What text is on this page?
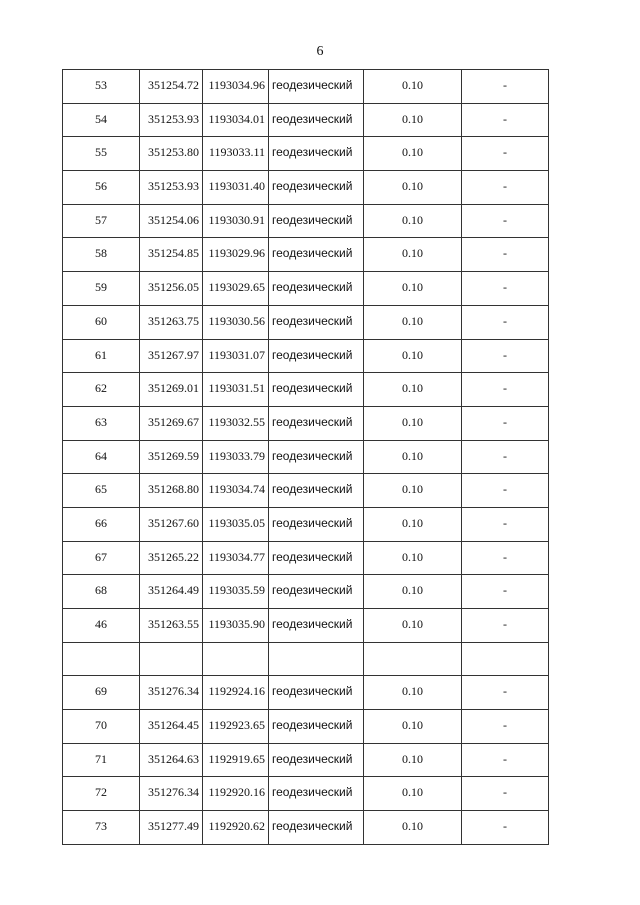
6
53	351254.72	1193034.96	геодезический	0.10	-
54	351253.93	1193034.01	геодезический	0.10	-
55	351253.80	1193033.11	геодезический	0.10	-
56	351253.93	1193031.40	геодезический	0.10	-
57	351254.06	1193030.91	геодезический	0.10	-
58	351254.85	1193029.96	геодезический	0.10	-
59	351256.05	1193029.65	геодезический	0.10	-
60	351263.75	1193030.56	геодезический	0.10	-
61	351267.97	1193031.07	геодезический	0.10	-
62	351269.01	1193031.51	геодезический	0.10	-
63	351269.67	1193032.55	геодезический	0.10	-
64	351269.59	1193033.79	геодезический	0.10	-
65	351268.80	1193034.74	геодезический	0.10	-
66	351267.60	1193035.05	геодезический	0.10	-
67	351265.22	1193034.77	геодезический	0.10	-
68	351264.49	1193035.59	геодезический	0.10	-
46	351263.55	1193035.90	геодезический	0.10	-

69	351276.34	1192924.16	геодезический	0.10	-
70	351264.45	1192923.65	геодезический	0.10	-
71	351264.63	1192919.65	геодезический	0.10	-
72	351276.34	1192920.16	геодезический	0.10	-
73	351277.49	1192920.62	геодезический	0.10	-
